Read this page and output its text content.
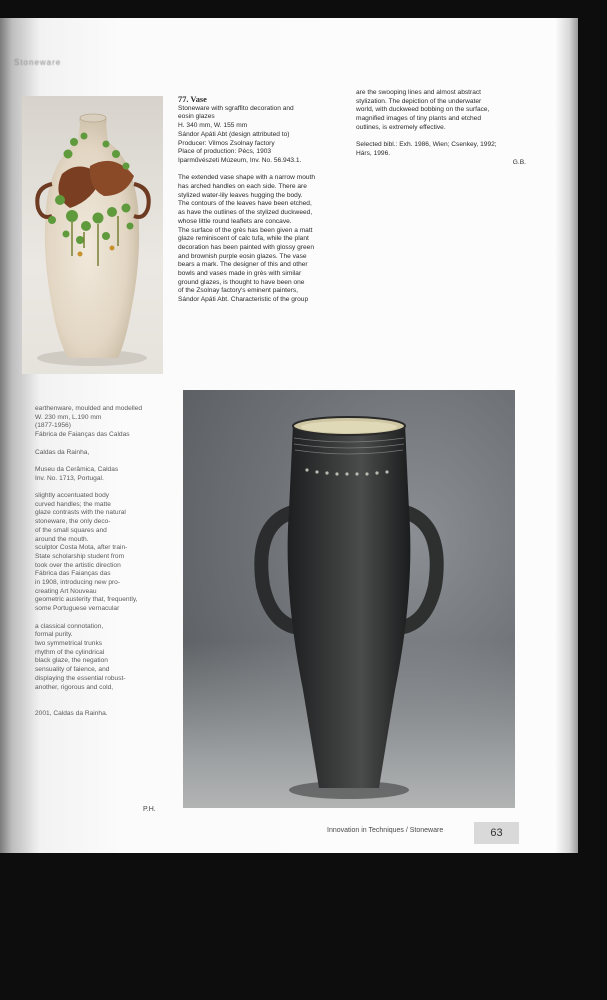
Stoneware

77. Vase

Stoneware with sgraffito decoration and

eosin glazes

H. 340 mm, W. 155 mm

Sándor Apáti Abt (design attributed to)

Producer: Vilmos Zsolnay factory

Place of production: Pécs, 1903

Iparművészeti Múzeum, Inv. No. 56.943.1.

The extended vase shape with a narrow mouth

has arched handles on each side. There are

stylized water-lily leaves hugging the body.

The contours of the leaves have been etched,

as have the outlines of the stylized duckweed,

whose little round leaflets are concave.

The surface of the grès has been given a matt

glaze reminiscent of calc tufa, while the plant

decoration has been painted with glossy green

and brownish purple eosin glazes. The vase

bears a mark. The designer of this and other

bowls and vases made in grès with similar

ground glazes, is thought to have been one

of the Zsolnay factory's eminent painters,

Sándor Apáti Abt. Characteristic of the group

are the swooping lines and almost abstract

stylization. The depiction of the underwater

world, with duckweed bobbing on the surface,

magnified images of tiny plants and etched

outlines, is extremely effective.

Selected bibl.: Exh. 1986, Wien; Csenkey, 1992;

Hárs, 1996.

G.B.

earthenware, moulded and modelled

W. 230 mm, L.190 mm

(1877-1956)

Fábrica de Faianças das Caldas

Caldas da Rainha,

Museu da Cerâmica, Caldas

Inv. No. 1713, Portugal.

slightly accentuated body

curved handles; the matte

glaze contrasts with the natural

stoneware, the only deco-

of the small squares and

around the mouth.

sculptor Costa Mota, after train-

State scholarship student from

took over the artistic direction

Fábrica das Faianças das

in 1908, introducing new pro-

creating Art Nouveau

geometric austerity that, frequently,

some Portuguese vernacular

a classical connotation,

formal purity.

two symmetrical trunks

rhythm of the cylindrical

black glaze, the negation

sensuality of faience, and

displaying the essential robust-

another, rigorous and cold,

2001, Caldas da Rainha.

P.H.
Innovation in Techniques / Stoneware	63
